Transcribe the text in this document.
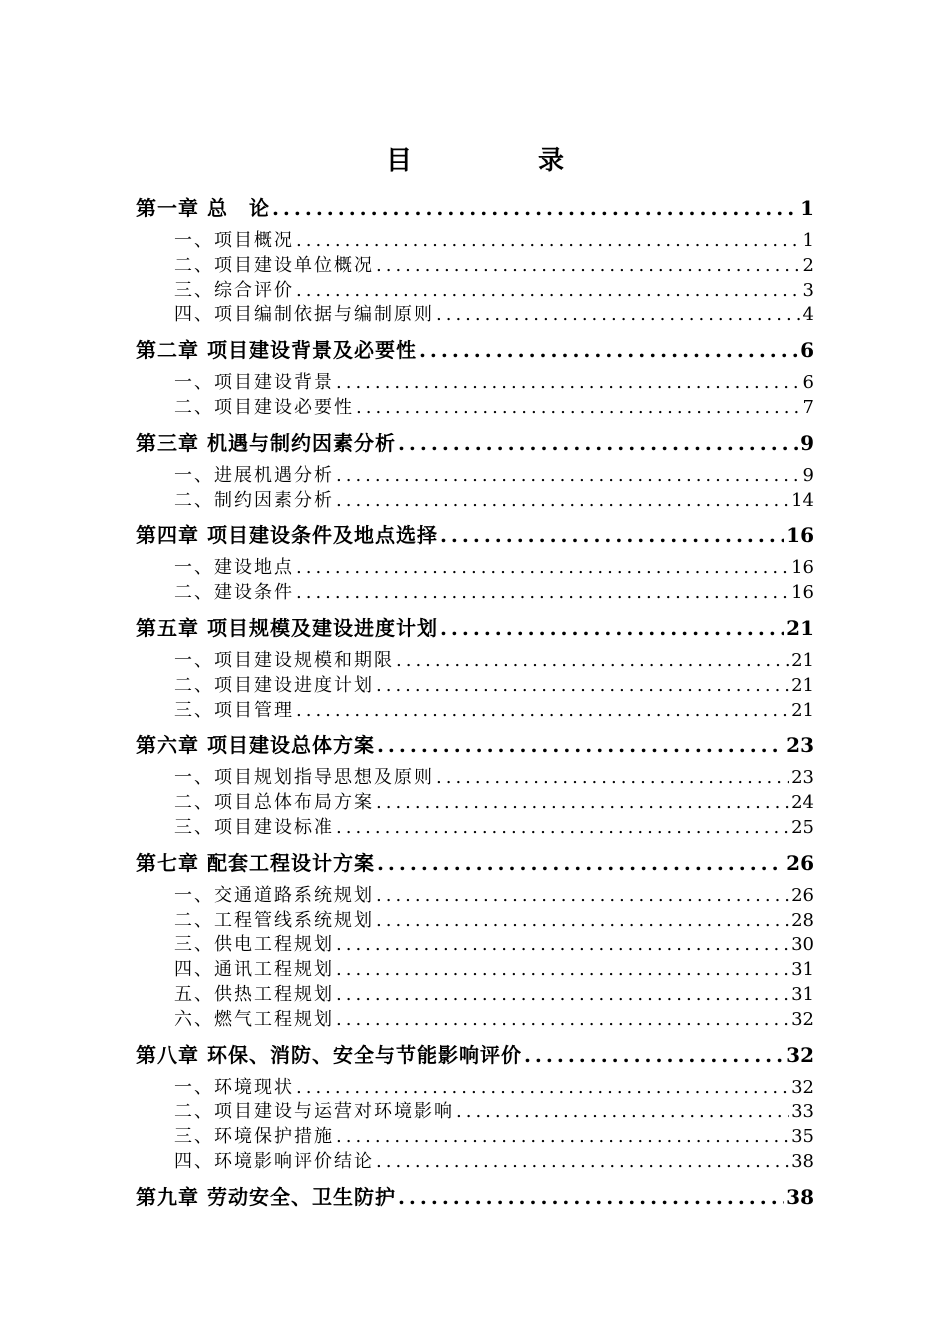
目　录
第一章 总　论 .....	1
一、项目概况 .....	1
二、项目建设单位概况 .....	2
三、综合评价 .....	3
四、项目编制依据与编制原则 .....	4
第二章 项目建设背景及必要性 .....	6
一、项目建设背景 .....	6
二、项目建设必要性 .....	7
第三章 机遇与制约因素分析 .....	9
一、进展机遇分析 .....	9
二、制约因素分析 .....	14
第四章 项目建设条件及地点选择 .....	16
一、建设地点 .....	16
二、建设条件 .....	16
第五章 项目规模及建设进度计划 .....	21
一、项目建设规模和期限 .....	21
二、项目建设进度计划 .....	21
三、项目管理 .....	21
第六章 项目建设总体方案 .....	23
一、项目规划指导思想及原则 .....	23
二、项目总体布局方案 .....	24
三、项目建设标准 .....	25
第七章 配套工程设计方案 .....	26
一、交通道路系统规划 .....	26
二、工程管线系统规划 .....	28
三、供电工程规划 .....	30
四、通讯工程规划 .....	31
五、供热工程规划 .....	31
六、燃气工程规划 .....	32
第八章 环保、消防、安全与节能影响评价 .....	32
一、环境现状 .....	32
二、项目建设与运营对环境影响 .....	33
三、环境保护措施 .....	35
四、环境影响评价结论 .....	38
第九章 劳动安全、卫生防护 .....	38
